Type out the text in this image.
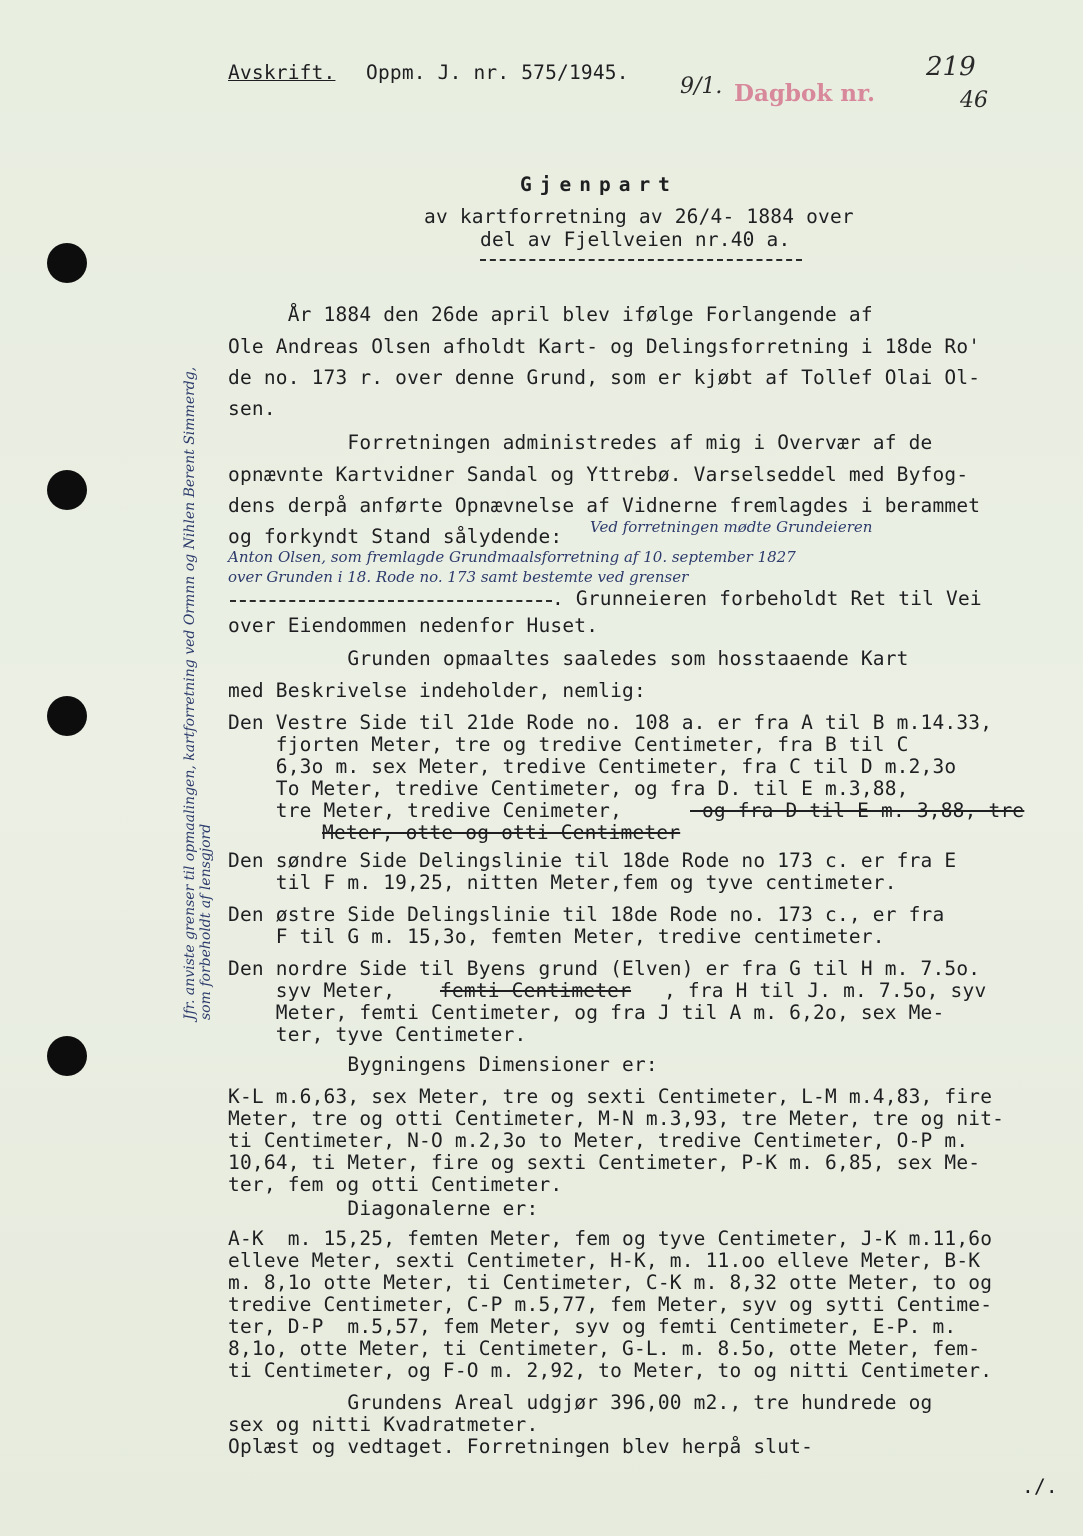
Avskrift. Oppm. J. nr. 575/1945.
9/1. Dagbok nr.
219
46
Gjenpart
av kartforretning av 26/4- 1884 over
del av Fjellveien nr.40 a.
Jfr. anviste grenser til opmaalingen, kartforretning ved Ormnn og Nihlen Berent Simmerdg,
som forbeholdt af lensgjord
År 1884 den 26de april blev ifølge Forlangende af
Ole Andreas Olsen afholdt Kart- og Delingsforretning i 18de Ro'
de no. 173 r. over denne Grund, som er kjøbt af Tollef Olai Ol-
sen.
Forretningen administredes af mig i Overvær af de
opnævnte Kartvidner Sandal og Yttrebø. Varselseddel med Byfog-
dens derpå anførte Opnævnelse af Vidnerne fremlagdes i berammet
og forkyndt Stand sålydende: Ved forretningen mødte Grundeieren
Anton Olsen, som fremlagde Grundmaalsforretning af 10. september 1827
over Grunden i 18. Rode no. 173 samt bestemte ved grenser
. Grunneieren forbeholdt Ret til Vei
over Eiendommen nedenfor Huset.
Grunden opmaaltes saaledes som hosstaaende Kart
med Beskrivelse indeholder, nemlig:
Den Vestre Side til 21de Rode no. 108 a. er fra A til B m.14.33,
fjorten Meter, tre og tredive Centimeter, fra B til C
6,3o m. sex Meter, tredive Centimeter, fra C til D m.2,3o
To Meter, tredive Centimeter, og fra D. til E m.3,88,
tre Meter, tredive Cenimeter,	og fra D til E m. 3,88, tre
Meter, otte og otti Centimeter
Den søndre Side Delingslinie til 18de Rode no 173 c. er fra E
til F m. 19,25, nitten Meter,fem og tyve centimeter.
Den østre Side Delingslinie til 18de Rode no. 173 c., er fra
F til G m. 15,3o, femten Meter, tredive centimeter.
Den nordre Side til Byens grund (Elven) er fra G til H m. 7.5o.
syv Meter, femti Centimeter , fra H til J. m. 7.5o, syv
Meter, femti Centimeter, og fra J til A m. 6,2o, sex Me-
ter, tyve Centimeter.
Bygningens Dimensioner er:
K-L m.6,63, sex Meter, tre og sexti Centimeter, L-M m.4,83, fire
Meter, tre og otti Centimeter, M-N m.3,93, tre Meter, tre og nit-
ti Centimeter, N-O m.2,3o to Meter, tredive Centimeter, O-P m.
10,64, ti Meter, fire og sexti Centimeter, P-K m. 6,85, sex Me-
ter, fem og otti Centimeter.
Diagonalerne er:
A-K  m. 15,25, femten Meter, fem og tyve Centimeter, J-K m.11,6o
elleve Meter, sexti Centimeter, H-K, m. 11.oo elleve Meter, B-K
m. 8,1o otte Meter, ti Centimeter, C-K m. 8,32 otte Meter, to og
tredive Centimeter, C-P m.5,77, fem Meter, syv og sytti Centime-
ter, D-P  m.5,57, fem Meter, syv og femti Centimeter, E-P. m.
8,1o, otte Meter, ti Centimeter, G-L. m. 8.5o, otte Meter, fem-
ti Centimeter, og F-O m. 2,92, to Meter, to og nitti Centimeter.
Grundens Areal udgjør 396,00 m2., tre hundrede og
sex og nitti Kvadratmeter.
Oplæst og vedtaget. Forretningen blev herpå slut-
./.
